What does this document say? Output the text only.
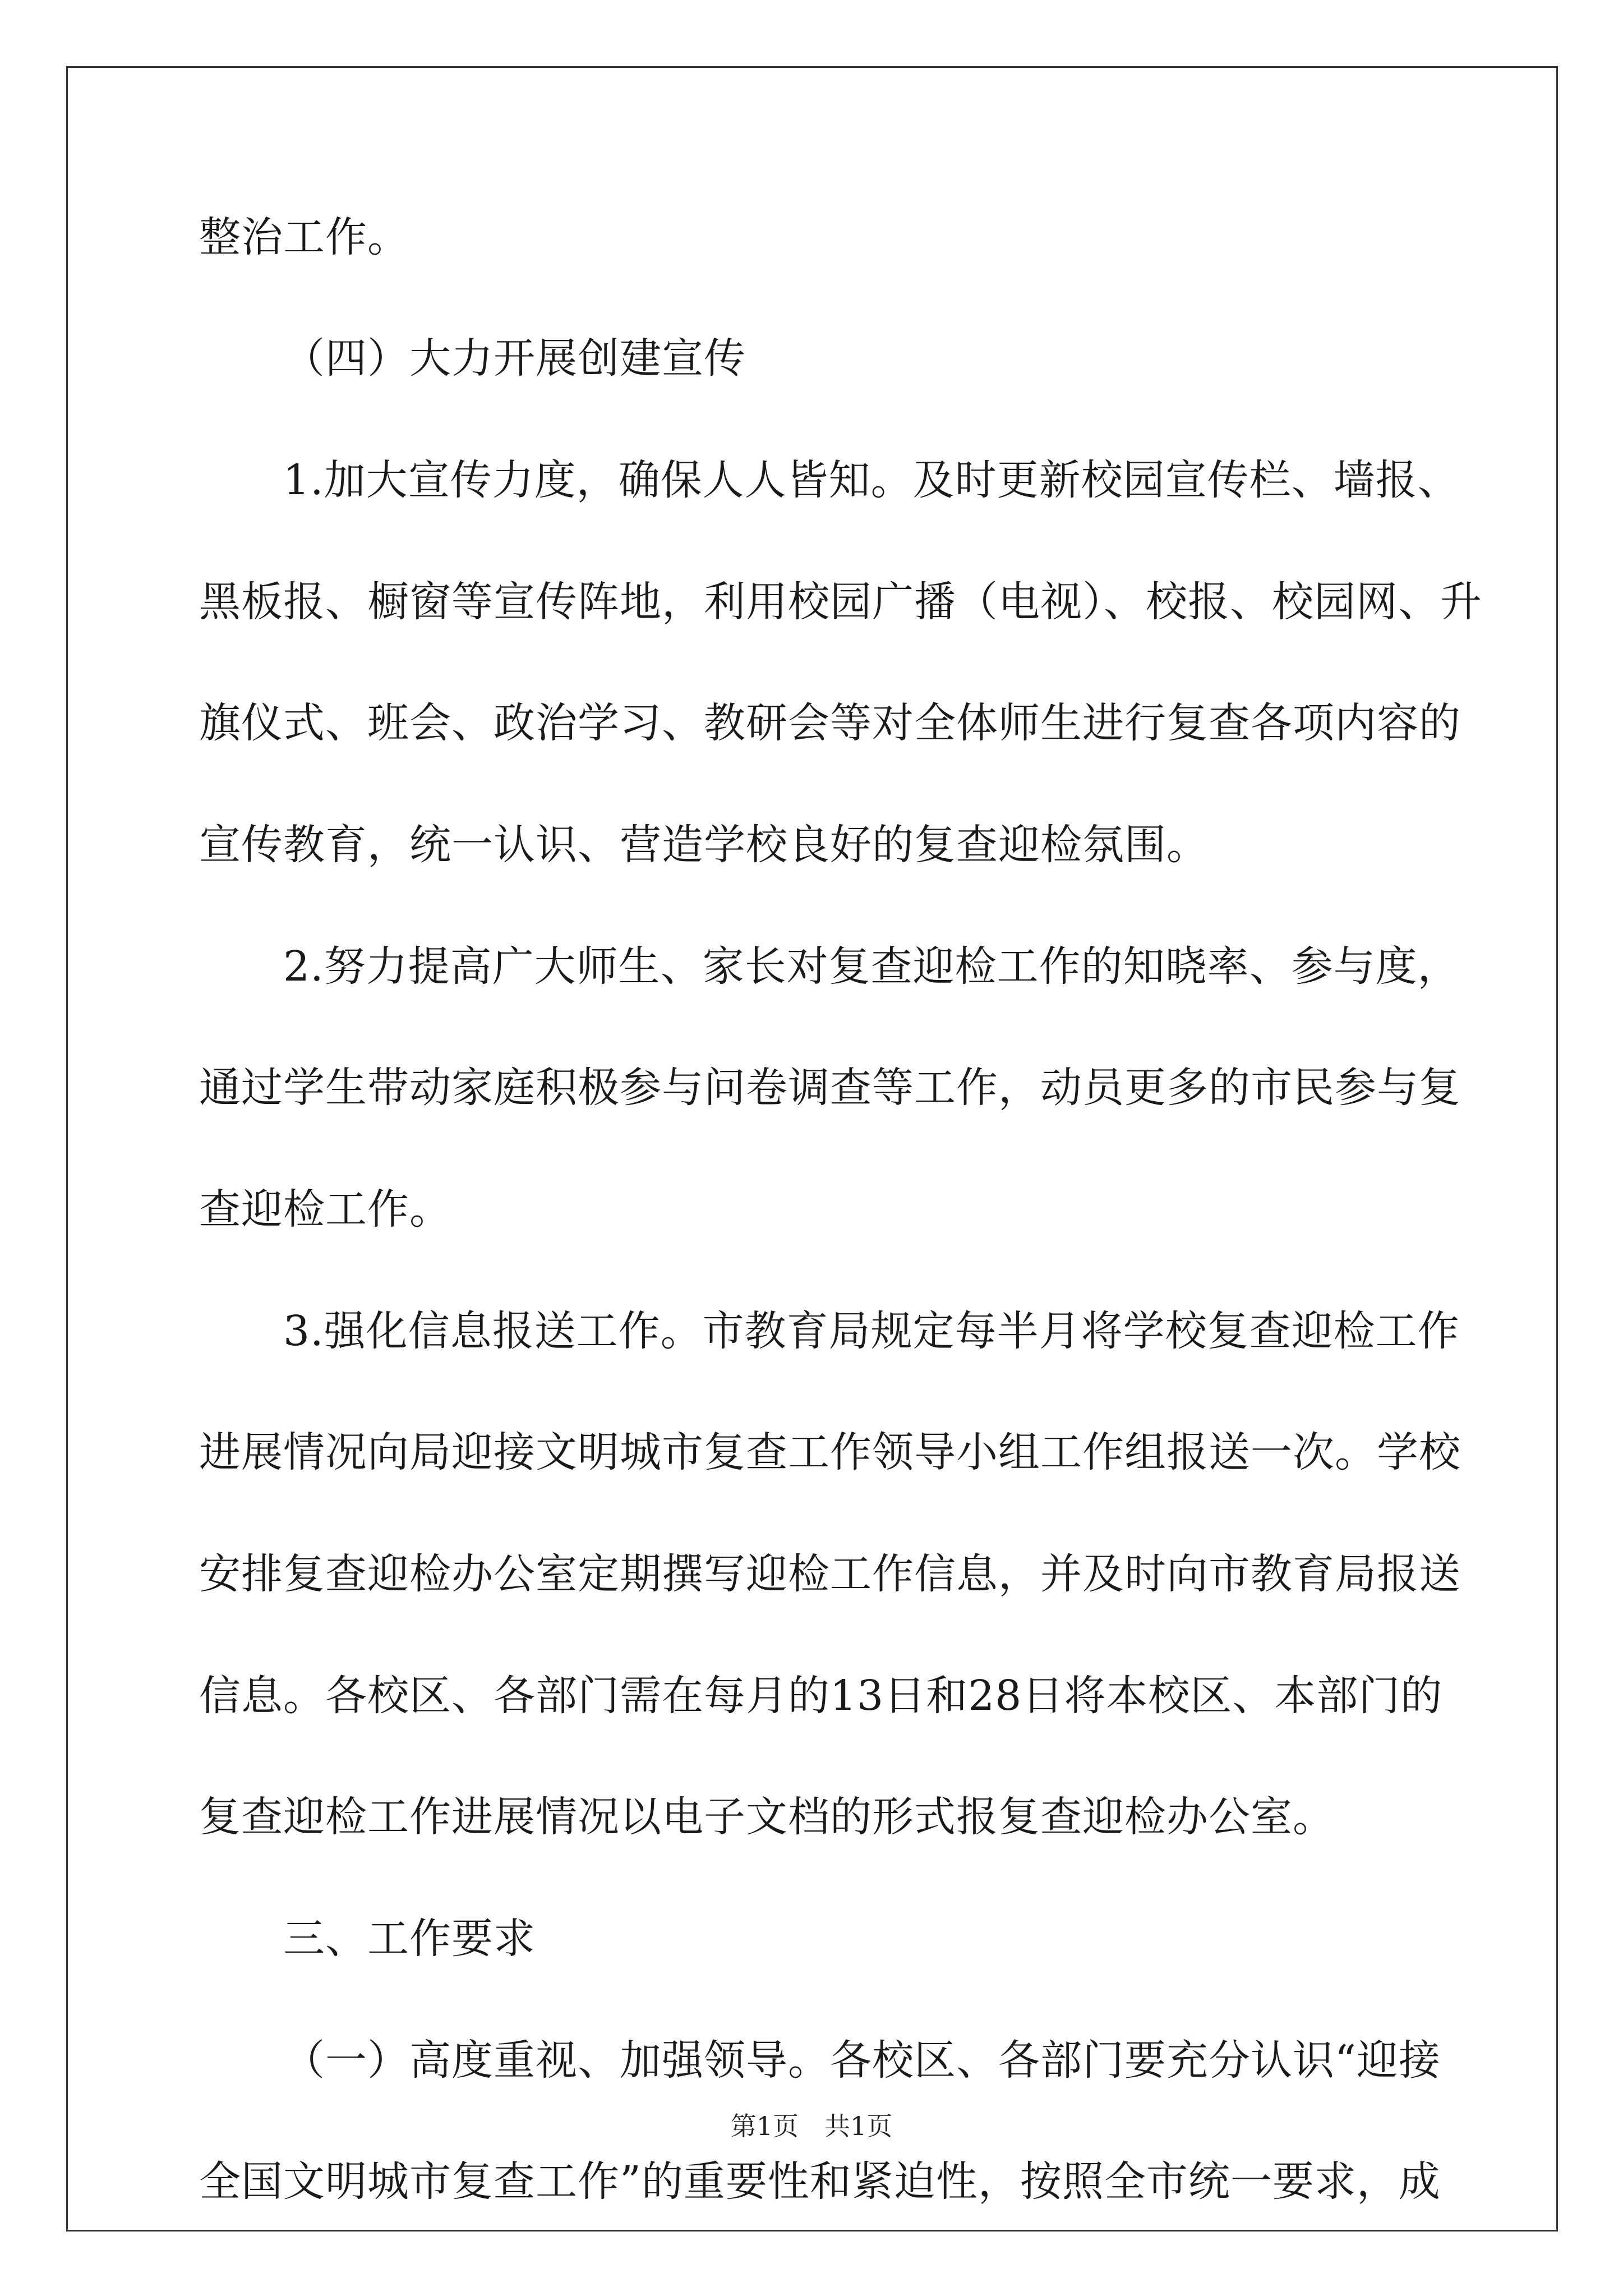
整治工作。
（四）大力开展创建宣传
1.加大宣传力度，确保人人皆知。及时更新校园宣传栏、墙报、
黑板报、橱窗等宣传阵地，利用校园广播（电视）、校报、校园网、升
旗仪式、班会、政治学习、教研会等对全体师生进行复查各项内容的
宣传教育，统一认识、营造学校良好的复查迎检氛围。
2.努力提高广大师生、家长对复查迎检工作的知晓率、参与度，
通过学生带动家庭积极参与问卷调查等工作，动员更多的市民参与复
查迎检工作。
3.强化信息报送工作。市教育局规定每半月将学校复查迎检工作
进展情况向局迎接文明城市复查工作领导小组工作组报送一次。学校
安排复查迎检办公室定期撰写迎检工作信息，并及时向市教育局报送
信息。各校区、各部门需在每月的13日和28日将本校区、本部门的
复查迎检工作进展情况以电子文档的形式报复查迎检办公室。
三、工作要求
（一）高度重视、加强领导。各校区、各部门要充分认识“迎接
全国文明城市复查工作”的重要性和紧迫性，按照全市统一要求，成
第1页　共1页
